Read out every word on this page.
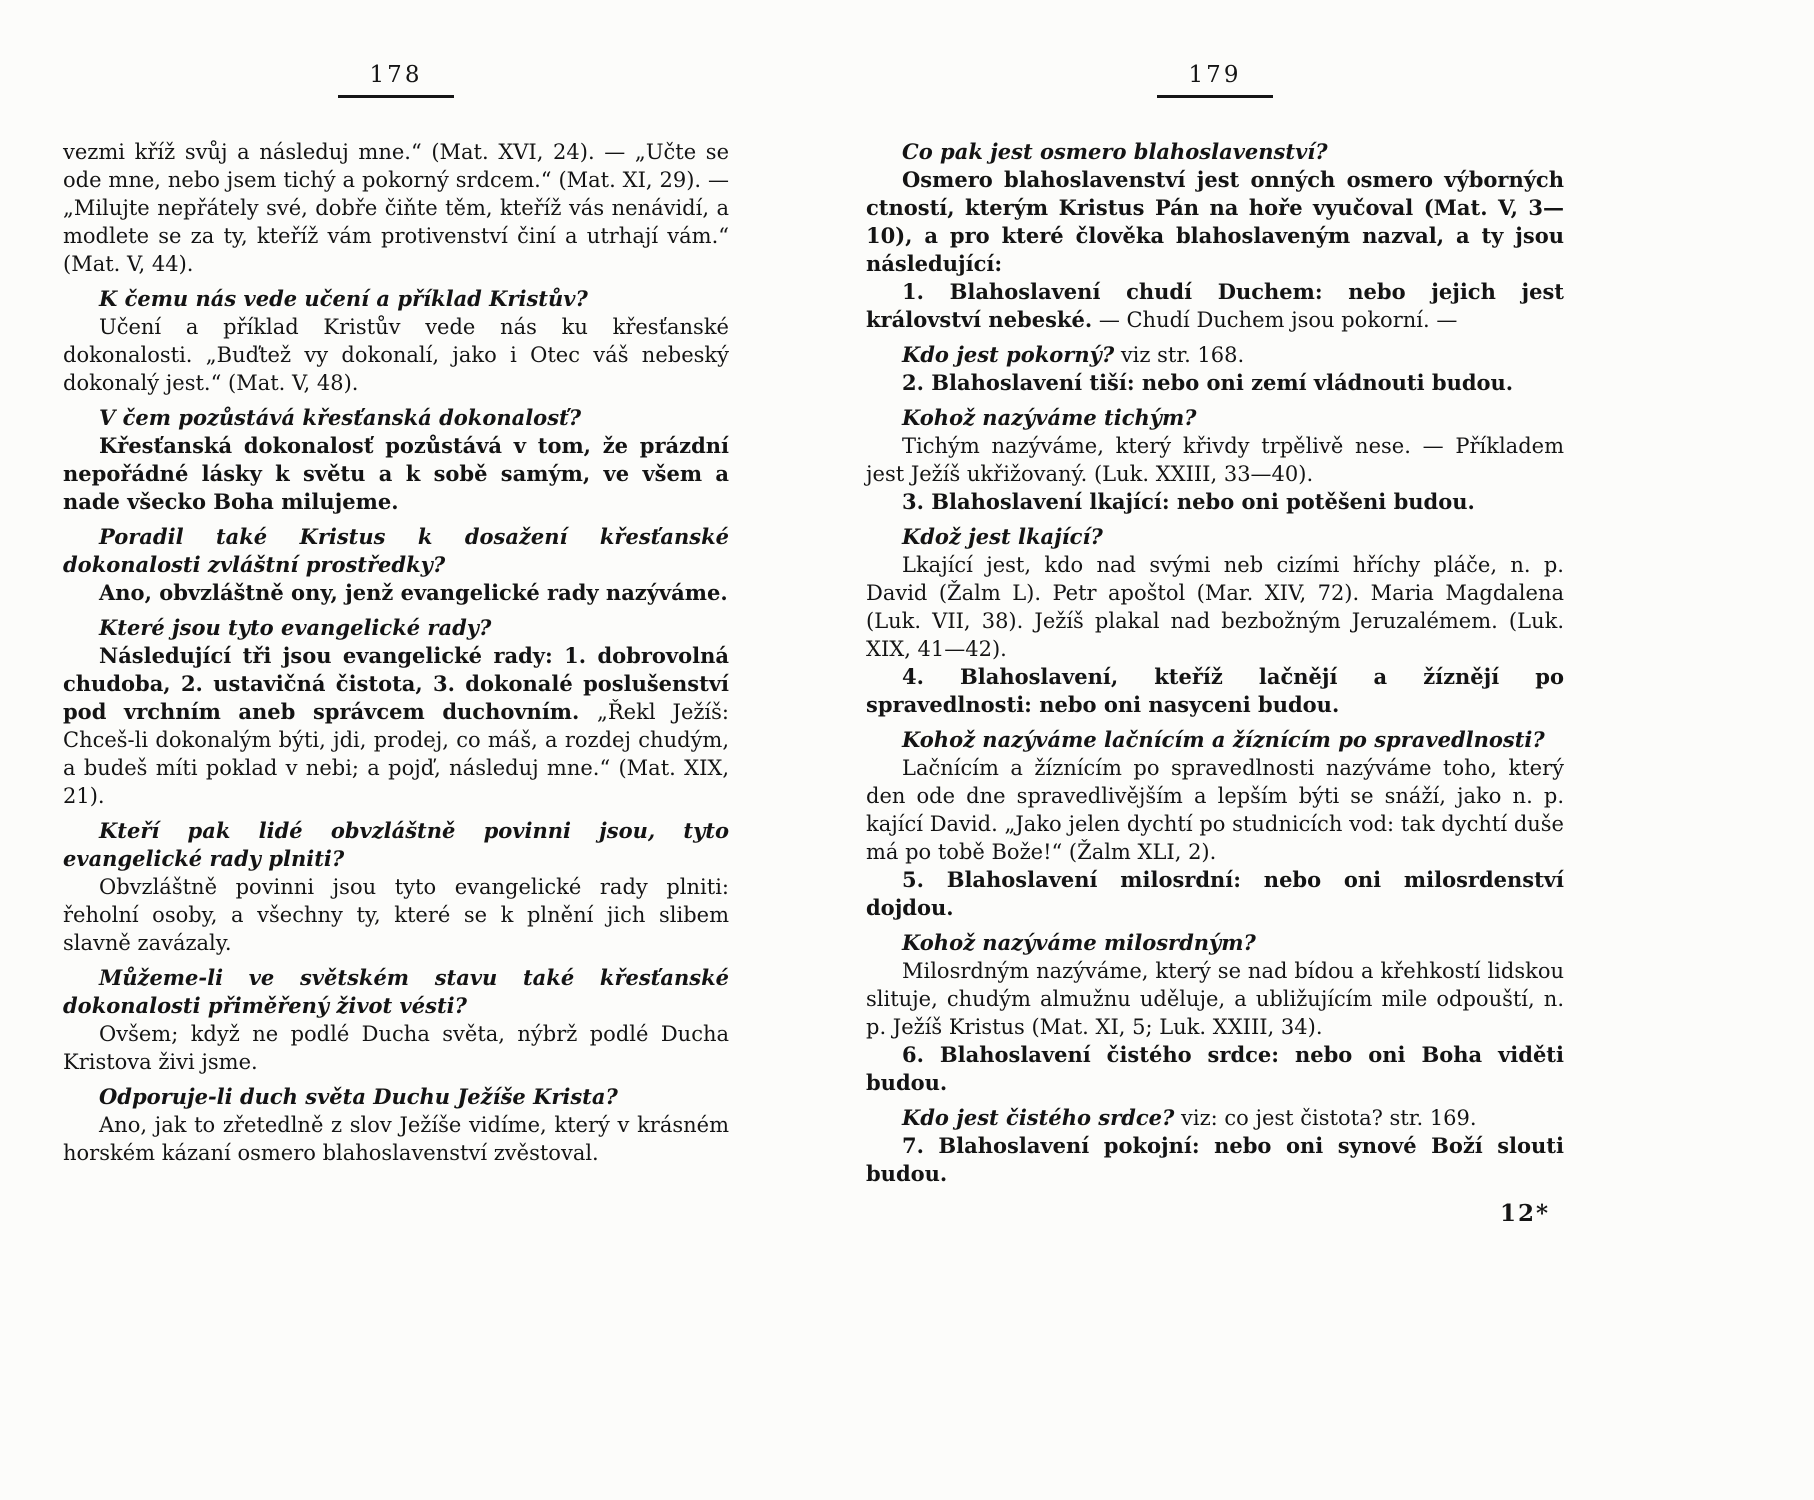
178

vezmi kříž svůj a následuj mne.“ (Mat. XVI, 24). — „Učte se ode mne, nebo jsem tichý a pokorný srdcem.“ (Mat. XI, 29). — „Milujte nepřátely své, dobře čiňte těm, kteříž vás nenávidí, a modlete se za ty, kteříž vám protivenství činí a utrhají vám.“ (Mat. V, 44).

K čemu nás vede učení a příklad Kristův?

Učení a příklad Kristův vede nás ku křesťanské dokonalosti. „Buďtež vy dokonalí, jako i Otec váš nebeský dokonalý jest.“ (Mat. V, 48).

V čem pozůstává křesťanská dokonalosť?

Křesťanská dokonalosť pozůstává v tom, že prázdní nepořádné lásky k světu a k sobě samým, ve všem a nade všecko Boha milujeme.

Poradil také Kristus k dosažení křesťanské dokonalosti zvláštní prostředky?

Ano, obvzláštně ony, jenž evangelické rady nazýváme.

Které jsou tyto evangelické rady?

Následující tři jsou evangelické rady: 1. dobrovolná chudoba, 2. ustavičná čistota, 3. dokonalé poslušenství pod vrchním aneb správcem duchovním. „Řekl Ježíš: Chceš-li dokonalým býti, jdi, prodej, co máš, a rozdej chudým, a budeš míti poklad v nebi; a pojď, následuj mne.“ (Mat. XIX, 21).

Kteří pak lidé obvzláštně povinni jsou, tyto evangelické rady plniti?

Obvzláštně povinni jsou tyto evangelické rady plniti: řeholní osoby, a všechny ty, které se k plnění jich slibem slavně zavázaly.

Můžeme-li ve světském stavu také křesťanské dokonalosti přiměřený život vésti?

Ovšem; když ne podlé Ducha světa, nýbrž podlé Ducha Kristova živi jsme.

Odporuje-li duch světa Duchu Ježíše Krista?

Ano, jak to zřetedlně z slov Ježíše vidíme, který v krásném horském kázaní osmero blahoslavenství zvěstoval.

179

Co pak jest osmero blahoslavenství?

Osmero blahoslavenství jest onných osmero výborných ctností, kterým Kristus Pán na hoře vyučoval (Mat. V, 3—10), a pro které člověka blahoslaveným nazval, a ty jsou následující:

1. Blahoslavení chudí Duchem: nebo jejich jest království nebeské. — Chudí Duchem jsou pokorní. —

Kdo jest pokorný? viz str. 168.

2. Blahoslavení tiší: nebo oni zemí vládnouti budou.

Kohož nazýváme tichým?

Tichým nazýváme, který křivdy trpělivě nese. — Příkladem jest Ježíš ukřižovaný. (Luk. XXIII, 33—40).

3. Blahoslavení lkající: nebo oni potěšeni budou.

Kdož jest lkající?

Lkající jest, kdo nad svými neb cizími hříchy pláče, n. p. David (Žalm L). Petr apoštol (Mar. XIV, 72). Maria Magdalena (Luk. VII, 38). Ježíš plakal nad bezbožným Jeruzalémem. (Luk. XIX, 41—42).

4. Blahoslavení, kteříž lačnějí a žíznějí po spravedlnosti: nebo oni nasyceni budou.

Kohož nazýváme lačnícím a žíznícím po spravedlnosti?

Lačnícím a žíznícím po spravedlnosti nazýváme toho, který den ode dne spravedlivějším a lepším býti se snáží, jako n. p. kající David. „Jako jelen dychtí po studnicích vod: tak dychtí duše má po tobě Bože!“ (Žalm XLI, 2).

5. Blahoslavení milosrdní: nebo oni milosrdenství dojdou.

Kohož nazýváme milosrdným?

Milosrdným nazýváme, který se nad bídou a křehkostí lidskou slituje, chudým almužnu uděluje, a ubližujícím mile odpouští, n. p. Ježíš Kristus (Mat. XI, 5; Luk. XXIII, 34).

6. Blahoslavení čistého srdce: nebo oni Boha viděti budou.

Kdo jest čistého srdce? viz: co jest čistota? str. 169.

7. Blahoslavení pokojní: nebo oni synové Boží slouti budou.

12*
